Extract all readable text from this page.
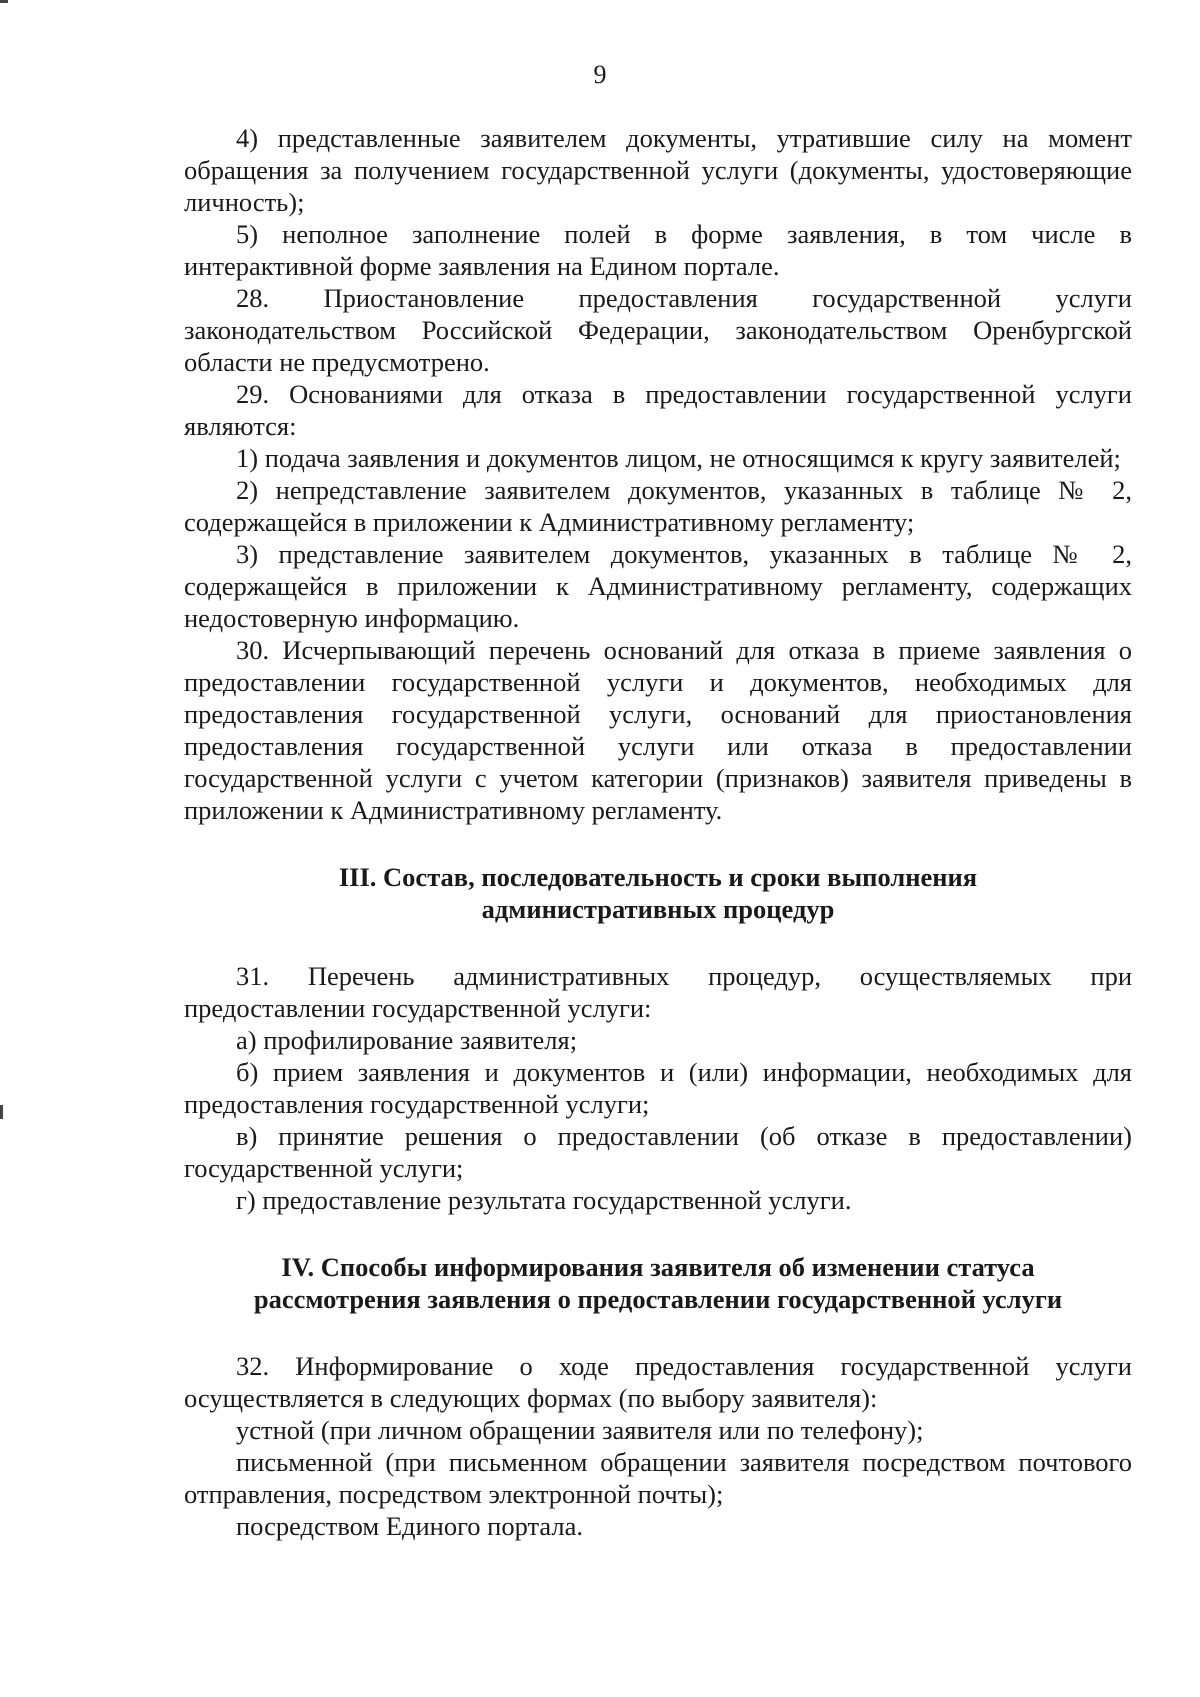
9

4) представленные заявителем документы, утратившие силу на момент обращения за получением государственной услуги (документы, удостоверяющие личность);

5) неполное заполнение полей в форме заявления, в том числе в интерактивной форме заявления на Едином портале.

28. Приостановление предоставления государственной услуги законодательством Российской Федерации, законодательством Оренбургской области не предусмотрено.

29. Основаниями для отказа в предоставлении государственной услуги являются:

1) подача заявления и документов лицом, не относящимся к кругу заявителей;

2) непредставление заявителем документов, указанных в таблице № 2, содержащейся в приложении к Административному регламенту;

3) представление заявителем документов, указанных в таблице № 2, содержащейся в приложении к Административному регламенту, содержащих недостоверную информацию.

30. Исчерпывающий перечень оснований для отказа в приеме заявления о предоставлении государственной услуги и документов, необходимых для предоставления государственной услуги, оснований для приостановления предоставления государственной услуги или отказа в предоставлении государственной услуги с учетом категории (признаков) заявителя приведены в приложении к Административному регламенту.

III. Состав, последовательность и сроки выполнения

административных процедур

31. Перечень административных процедур, осуществляемых при предоставлении государственной услуги:

а) профилирование заявителя;

б) прием заявления и документов и (или) информации, необходимых для предоставления государственной услуги;

в) принятие решения о предоставлении (об отказе в предоставлении) государственной услуги;

г) предоставление результата государственной услуги.

IV. Способы информирования заявителя об изменении статуса

рассмотрения заявления о предоставлении государственной услуги

32. Информирование о ходе предоставления государственной услуги осуществляется в следующих формах (по выбору заявителя):

устной (при личном обращении заявителя или по телефону);

письменной (при письменном обращении заявителя посредством почтового отправления, посредством электронной почты);

посредством Единого портала.
